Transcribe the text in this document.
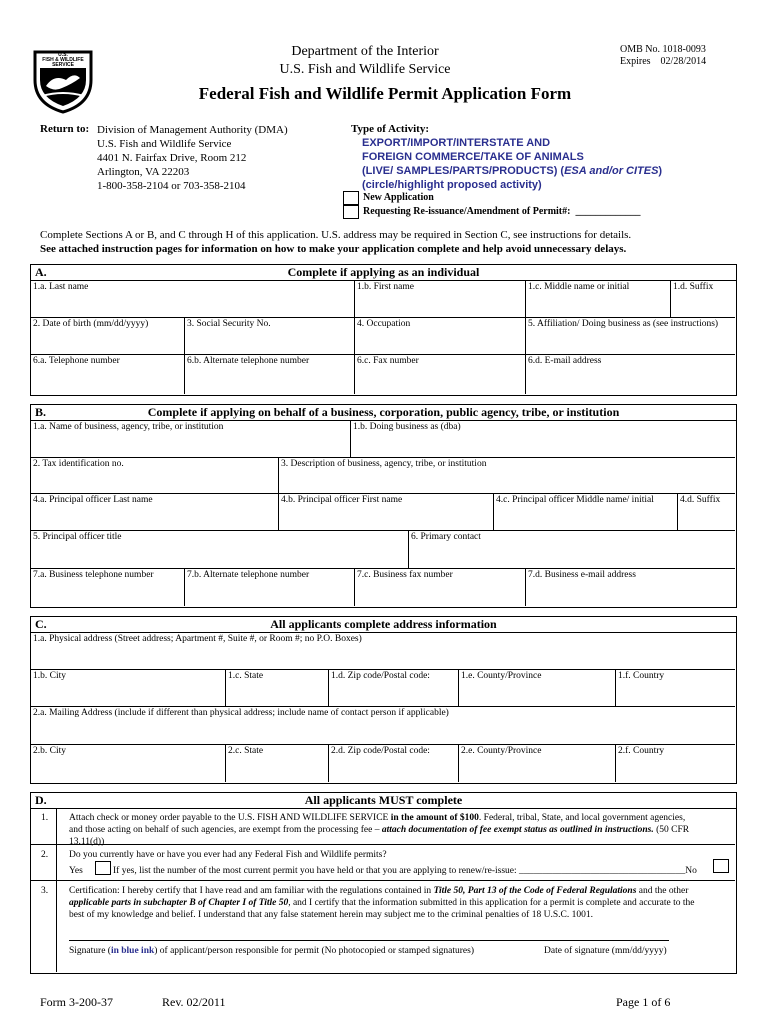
U.S.
FISH & WILDLIFE
SERVICE
Department of the Interior
U.S. Fish and Wildlife Service
OMB No. 1018-0093
Expires    02/28/2014
Federal Fish and Wildlife Permit Application Form
Return to: Division of Management Authority (DMA)
U.S. Fish and Wildlife Service
4401 N. Fairfax Drive, Room 212
Arlington, VA 22203
1-800-358-2104 or 703-358-2104
Type of Activity:
EXPORT/IMPORT/INTERSTATE AND
FOREIGN COMMERCE/TAKE OF ANIMALS
(LIVE/ SAMPLES/PARTS/PRODUCTS) (ESA and/or CITES)
(circle/highlight proposed activity)
New Application
Requesting Re-issuance/Amendment of Permit#:  _____________
Complete Sections A or B, and C through H of this application. U.S. address may be required in Section C, see instructions for details.
See attached instruction pages for information on how to make your application complete and help avoid unnecessary delays.
Complete if applying as an individual
A.
1.a. Last name	1.b. First name	1.c. Middle name or initial	1.d. Suffix
2. Date of birth (mm/dd/yyyy)	3. Social Security No.	4. Occupation	5. Affiliation/ Doing business as (see instructions)
6.a. Telephone number	6.b. Alternate telephone number	6.c. Fax number	6.d. E-mail address
Complete if applying on behalf of a business, corporation, public agency, tribe, or institution
B.
1.a. Name of business, agency, tribe, or institution	1.b. Doing business as (dba)
2. Tax identification no.	3. Description of business, agency, tribe, or institution
4.a. Principal officer Last name	4.b. Principal officer First name	4.c. Principal officer Middle name/ initial	4.d. Suffix
5. Principal officer title	6. Primary contact
7.a. Business telephone number	7.b. Alternate telephone number	7.c. Business fax number	7.d. Business e-mail address
All applicants complete address information
C.
1.a. Physical address (Street address; Apartment #, Suite #, or Room #; no P.O. Boxes)
1.b. City	1.c. State	1.d. Zip code/Postal code:	1.e. County/Province	1.f. Country
2.a. Mailing Address (include if different than physical address; include name of contact person if applicable)
2.b. City	2.c. State	2.d. Zip code/Postal code:	2.e. County/Province	2.f. Country
All applicants MUST complete
D.
1. Attach check or money order payable to the U.S. FISH AND WILDLIFE SERVICE in the amount of $100. Federal, tribal, State, and local government agencies,
and those acting on behalf of such agencies, are exempt from the processing fee – attach documentation of fee exempt status as outlined in instructions. (50 CFR
13.11(d))
2. Do you currently have or have you ever had any Federal Fish and Wildlife permits?
Yes	If yes, list the number of the most current permit you have held or that you are applying to renew/re-issue: ___________________________________No
3. Certification: I hereby certify that I have read and am familiar with the regulations contained in Title 50, Part 13 of the Code of Federal Regulations and the other
applicable parts in subchapter B of Chapter I of Title 50, and I certify that the information submitted in this application for a permit is complete and accurate to the
best of my knowledge and belief. I understand that any false statement herein may subject me to the criminal penalties of 18 U.S.C. 1001.
Signature (in blue ink) of applicant/person responsible for permit (No photocopied or stamped signatures)	Date of signature (mm/dd/yyyy)
Form 3-200-37	Rev. 02/2011	Page 1 of 6
